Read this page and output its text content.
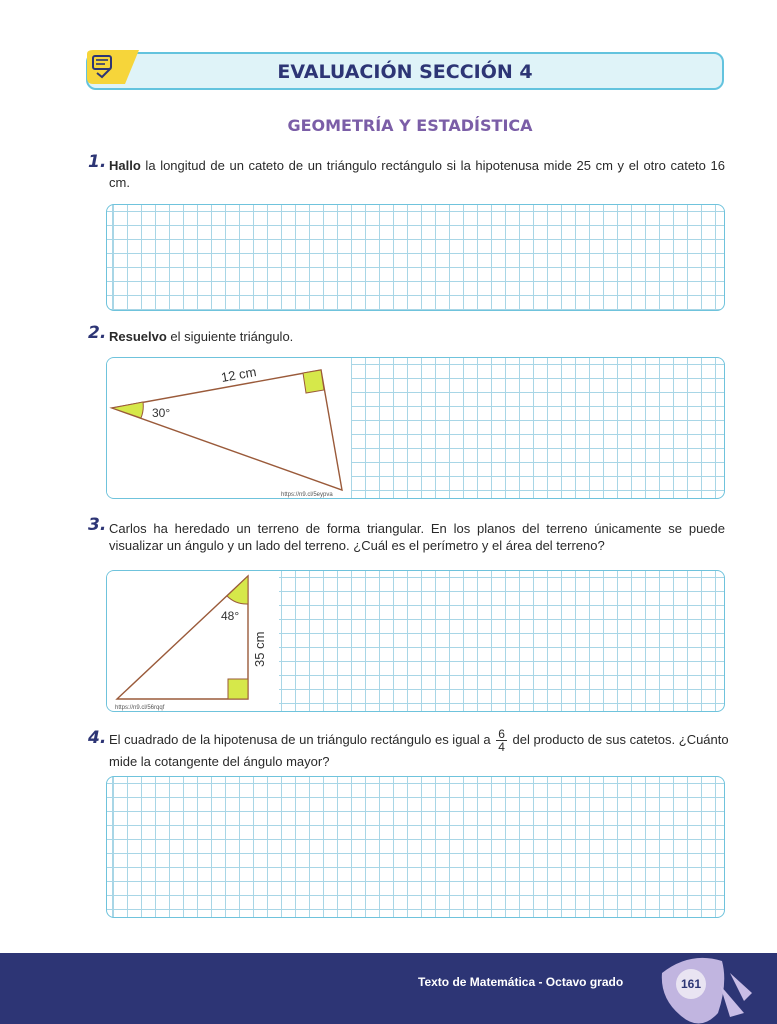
EVALUACIÓN SECCIÓN 4
GEOMETRÍA Y ESTADÍSTICA
1. Hallo la longitud de un cateto de un triángulo rectángulo si la hipotenusa mide 25 cm y el otro cateto 16 cm.
2. Resuelvo el siguiente triángulo.
12 cm
30°
https://n9.cl/5eypva
3. Carlos ha heredado un terreno de forma triangular. En los planos del terreno únicamente se puede visualizar un ángulo y un lado del terreno. ¿Cuál es el perímetro y el área del terreno?
48°
35 cm
https://n9.cl/56rqqf
4. El cuadrado de la hipotenusa de un triángulo rectángulo es igual a $\frac{6}{4}$ del producto de sus catetos. ¿Cuánto mide la cotangente del ángulo mayor?
Texto de Matemática - Octavo grado	161
